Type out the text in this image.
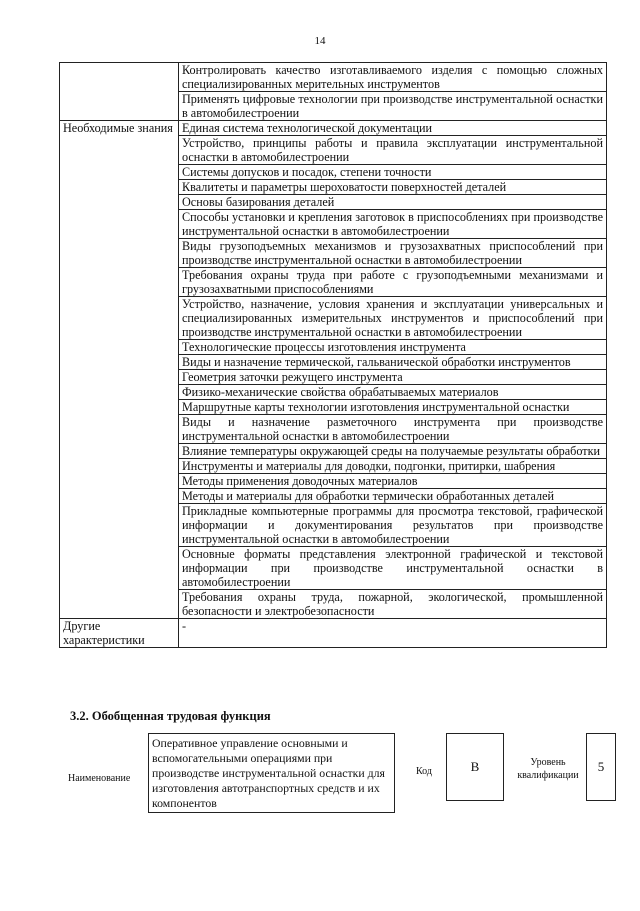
14
	Контролировать качество изготавливаемого изделия с помощью сложных специализированных мерительных инструментов
	Применять цифровые технологии при производстве инструментальной оснастки в автомобилестроении
Необходимые знания	Единая система технологической документации
	Устройство, принципы работы и правила эксплуатации инструментальной оснастки в автомобилестроении
	Системы допусков и посадок, степени точности
	Квалитеты и параметры шероховатости поверхностей деталей
	Основы базирования деталей
	Способы установки и крепления заготовок в приспособлениях при производстве инструментальной оснастки в автомобилестроении
	Виды грузоподъемных механизмов и грузозахватных приспособлений при производстве инструментальной оснастки в автомобилестроении
	Требования охраны труда при работе с грузоподъемными механизмами и грузозахватными приспособлениями
	Устройство, назначение, условия хранения и эксплуатации универсальных и специализированных измерительных инструментов и приспособлений при производстве инструментальной оснастки в автомобилестроении
	Технологические процессы изготовления инструмента
	Виды и назначение термической, гальванической обработки инструментов
	Геометрия заточки режущего инструмента
	Физико-механические свойства обрабатываемых материалов
	Маршрутные карты технологии изготовления инструментальной оснастки
	Виды и назначение разметочного инструмента при производстве инструментальной оснастки в автомобилестроении
	Влияние температуры окружающей среды на получаемые результаты обработки
	Инструменты и материалы для доводки, подгонки, притирки, шабрения
	Методы применения доводочных материалов
	Методы и материалы для обработки термически обработанных деталей
	Прикладные компьютерные программы для просмотра текстовой, графической информации и документирования результатов при производстве инструментальной оснастки в автомобилестроении
	Основные форматы представления электронной графической и текстовой информации при производстве инструментальной оснастки в автомобилестроении
	Требования охраны труда, пожарной, экологической, промышленной безопасности и электробезопасности
Другие характеристики	-
3.2. Обобщенная трудовая функция
Наименование
Оперативное управление основными и вспомогательными операциями при производстве инструментальной оснастки для изготовления автотранспортных средств и их компонентов
Код	В	Уровень квалификации
5
